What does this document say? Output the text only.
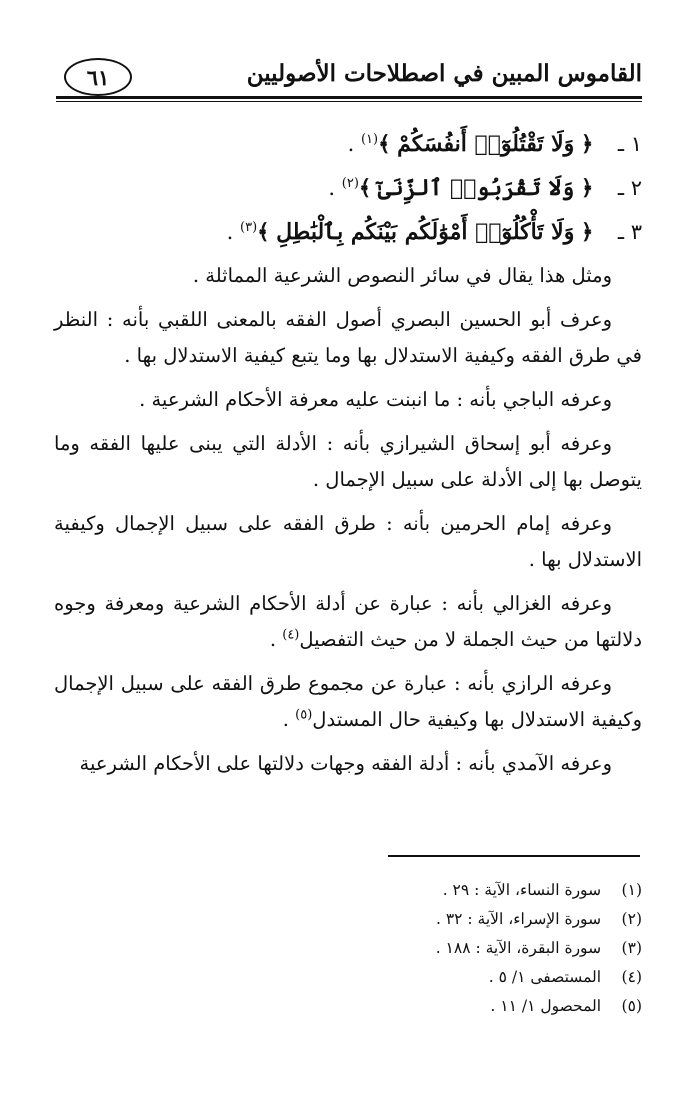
القاموس المبين في اصطلاحات الأصوليين
٦١
١ ـ ﴿ وَلَا تَقْتُلُوٓا۟ أَنفُسَكُمْ ﴾$^{(١)}$ .
٢ ـ ﴿ وَلَا تَقْرَبُوا۟ ٱلزِّنَىٰٓ ﴾$^{(٢)}$ .
٣ ـ ﴿ وَلَا تَأْكُلُوٓا۟ أَمْوَٰلَكُم بَيْنَكُم بِٱلْبَٰطِلِ ﴾$^{(٣)}$ .

ومثل هذا يقال في سائر النصوص الشرعية المماثلة .

وعرف أبو الحسين البصري أصول الفقه بالمعنى اللقبي بأنه : النظر في طرق الفقه وكيفية الاستدلال بها وما يتبع كيفية الاستدلال بها .

وعرفه الباجي بأنه : ما انبنت عليه معرفة الأحكام الشرعية .

وعرفه أبو إسحاق الشيرازي بأنه : الأدلة التي يبنى عليها الفقه وما يتوصل بها إلى الأدلة على سبيل الإجمال .

وعرفه إمام الحرمين بأنه : طرق الفقه على سبيل الإجمال وكيفية الاستدلال بها .

وعرفه الغزالي بأنه : عبارة عن أدلة الأحكام الشرعية ومعرفة وجوه دلالتها من حيث الجملة لا من حيث التفصيل$^{(٤)}$ .

وعرفه الرازي بأنه : عبارة عن مجموع طرق الفقه على سبيل الإجمال وكيفية الاستدلال بها وكيفية حال المستدل$^{(٥)}$ .

وعرفه الآمدي بأنه : أدلة الفقه وجهات دلالتها على الأحكام الشرعية

(١) سورة النساء، الآية : ٢٩ .
(٢) سورة الإسراء، الآية : ٣٢ .
(٣) سورة البقرة، الآية : ١٨٨ .
(٤) المستصفى ١/ ٥ .
(٥) المحصول ١/ ١١ .
